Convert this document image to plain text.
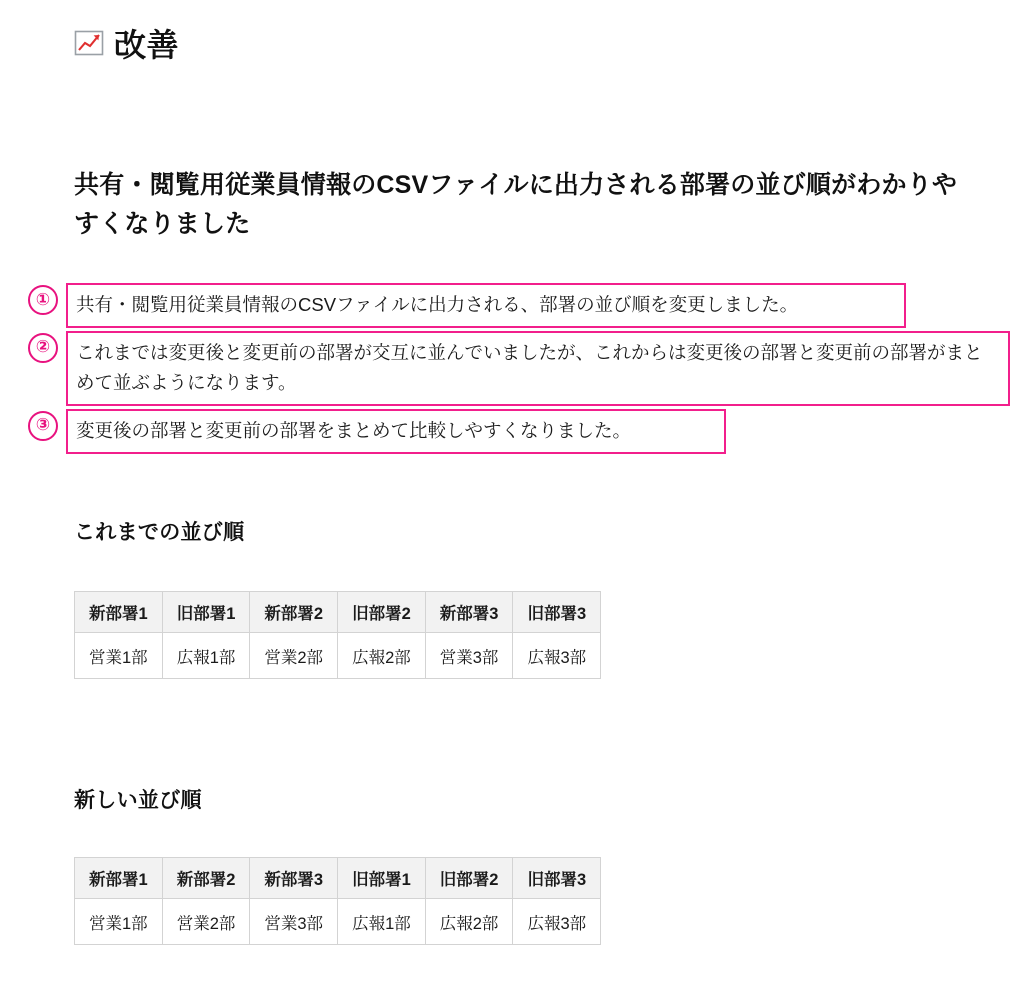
改善
共有・閲覧用従業員情報のCSVファイルに出力される部署の並び順がわかりやすくなりました
①	共有・閲覧用従業員情報のCSVファイルに出力される、部署の並び順を変更しました。
②	これまでは変更後と変更前の部署が交互に並んでいましたが、これからは変更後の部署と変更前の部署がまとめて並ぶようになります。
③	変更後の部署と変更前の部署をまとめて比較しやすくなりました。
これまでの並び順
新部署1	旧部署1	新部署2	旧部署2	新部署3	旧部署3
営業1部	広報1部	営業2部	広報2部	営業3部	広報3部
新しい並び順
新部署1	新部署2	新部署3	旧部署1	旧部署2	旧部署3
営業1部	営業2部	営業3部	広報1部	広報2部	広報3部
